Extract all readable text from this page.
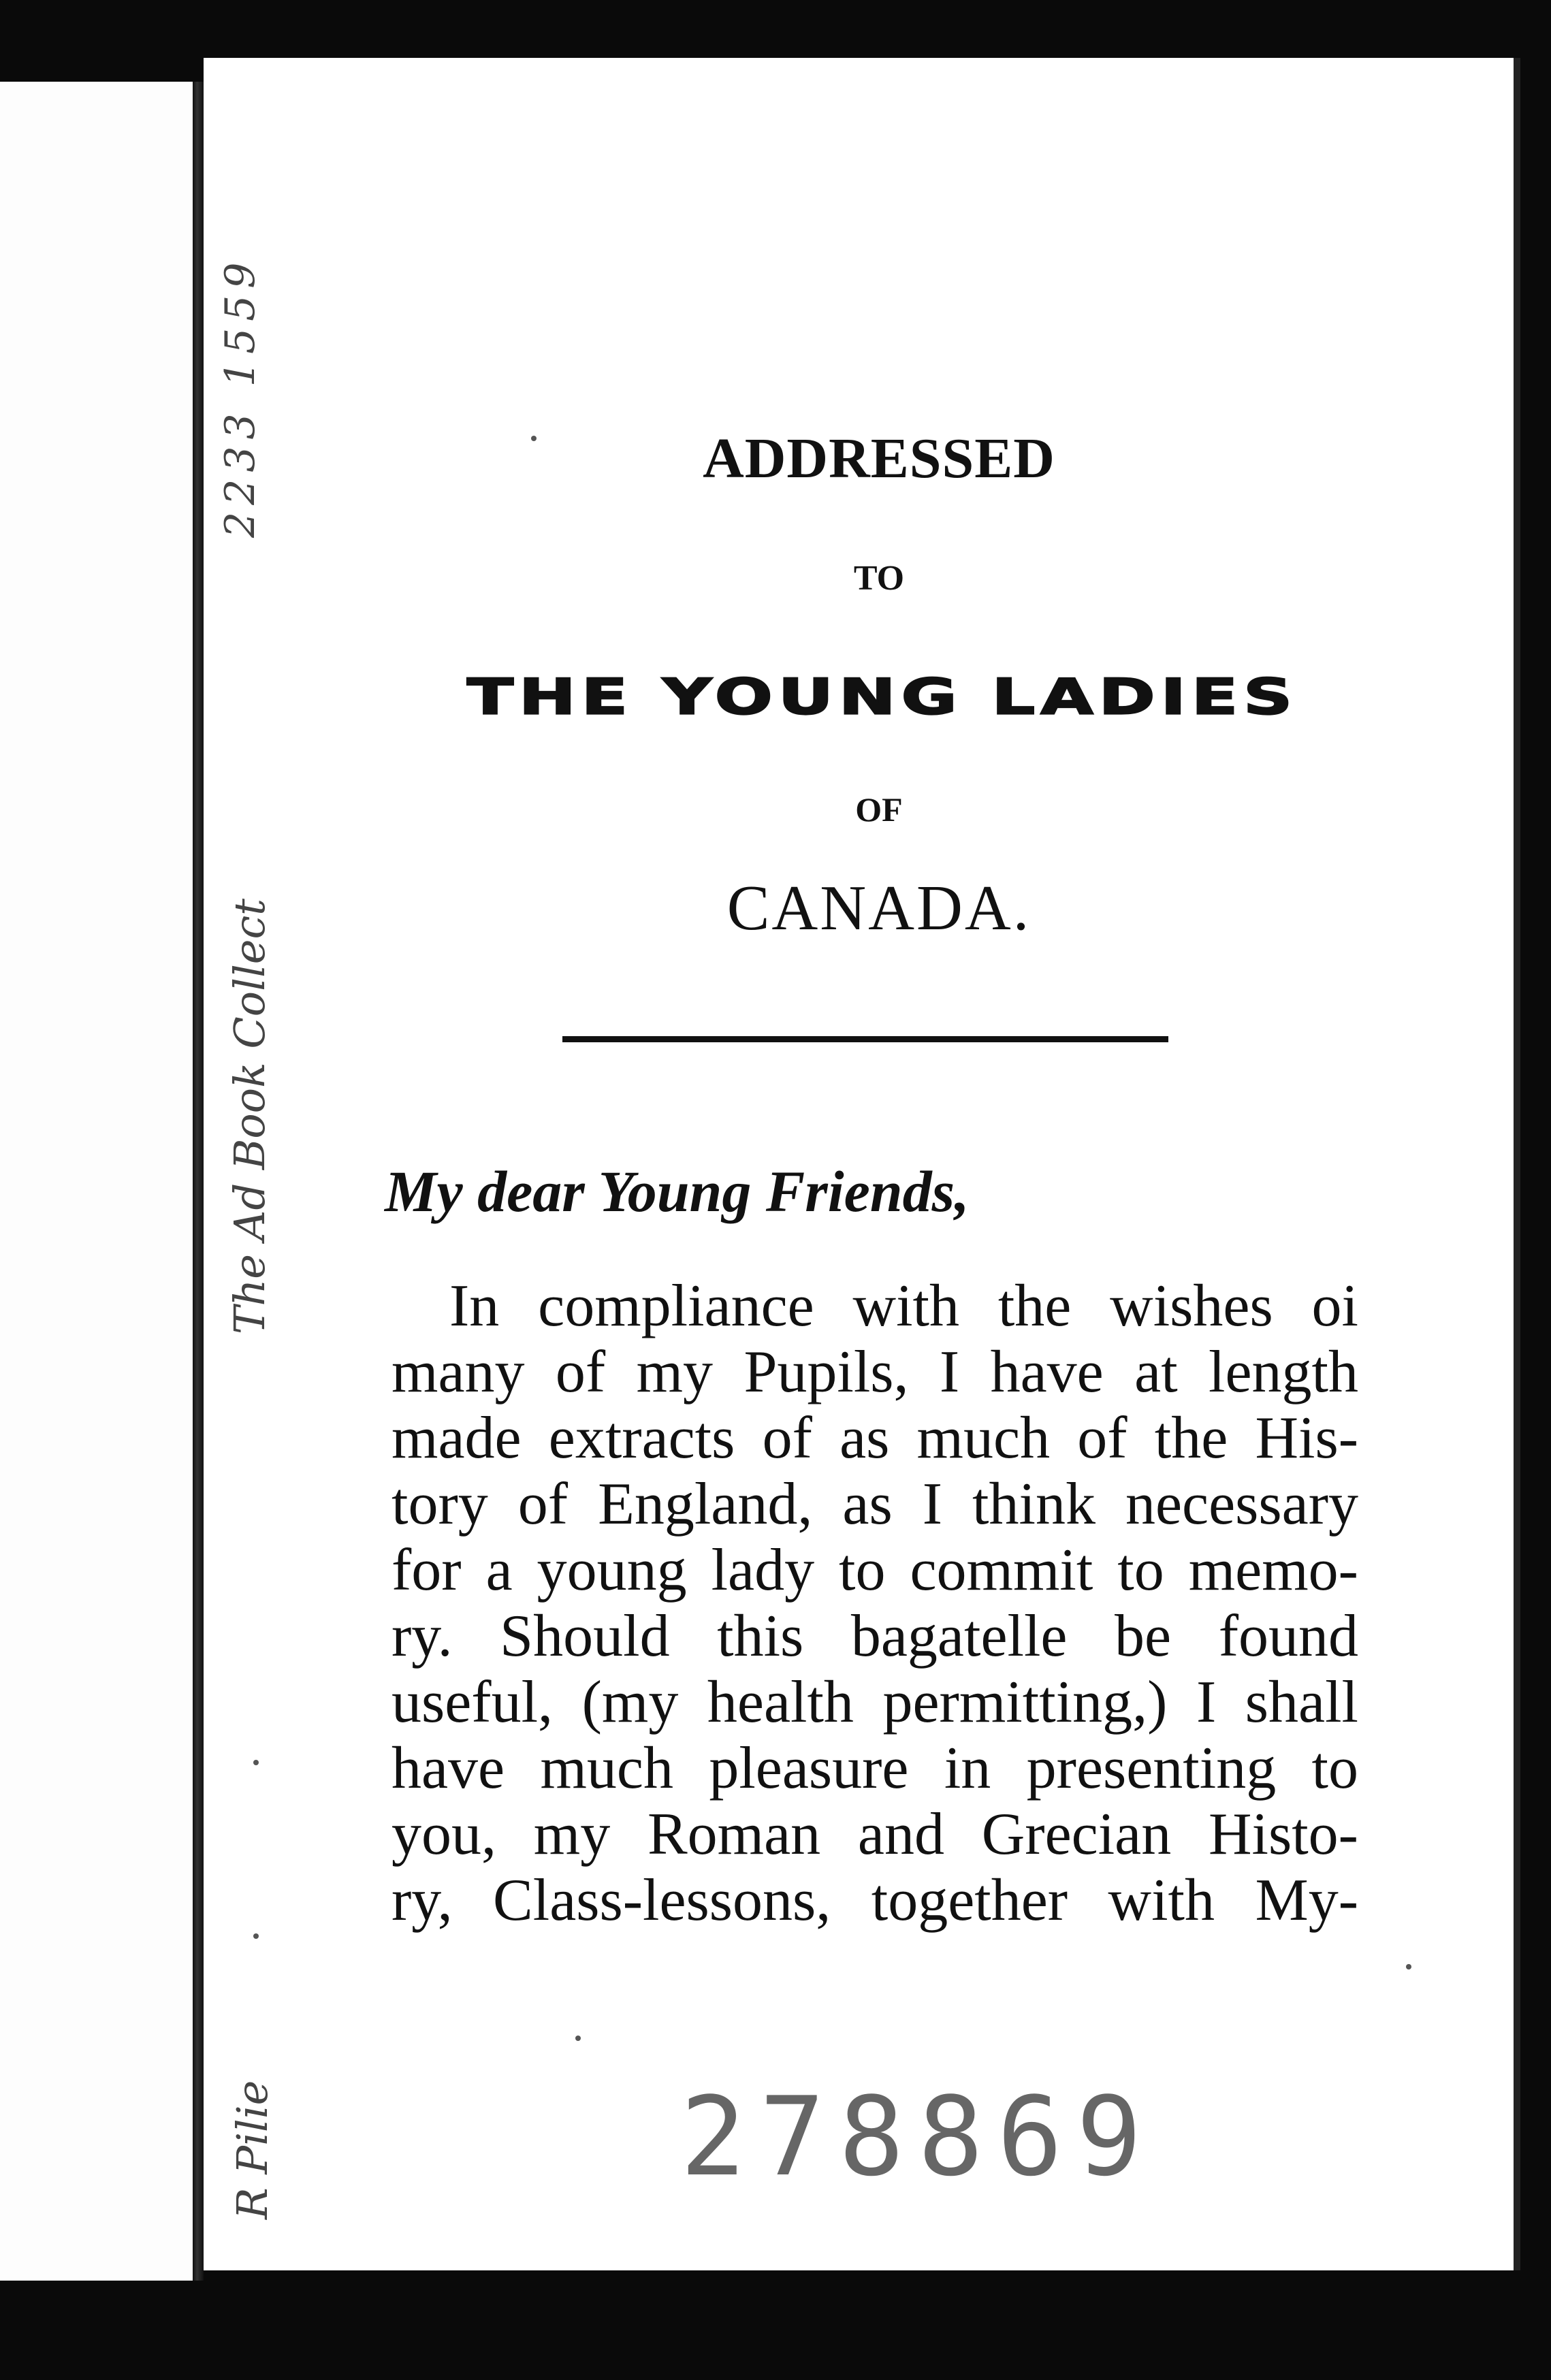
2233 1559
The Ad Book Collect
R Pilie
ADDRESSED
TO
THE YOUNG LADIES
OF
CANADA.

My dear Young Friends,

In compliance with the wishes oi
many of my Pupils, I have at length
made extracts of as much of the His-
tory of England, as I think necessary
for a young lady to commit to memo-
ry. Should this bagatelle be found
useful, (my health permitting,) I shall
have much pleasure in presenting to
you, my Roman and Grecian Histo-
ry, Class-lessons, together with My-

278869
